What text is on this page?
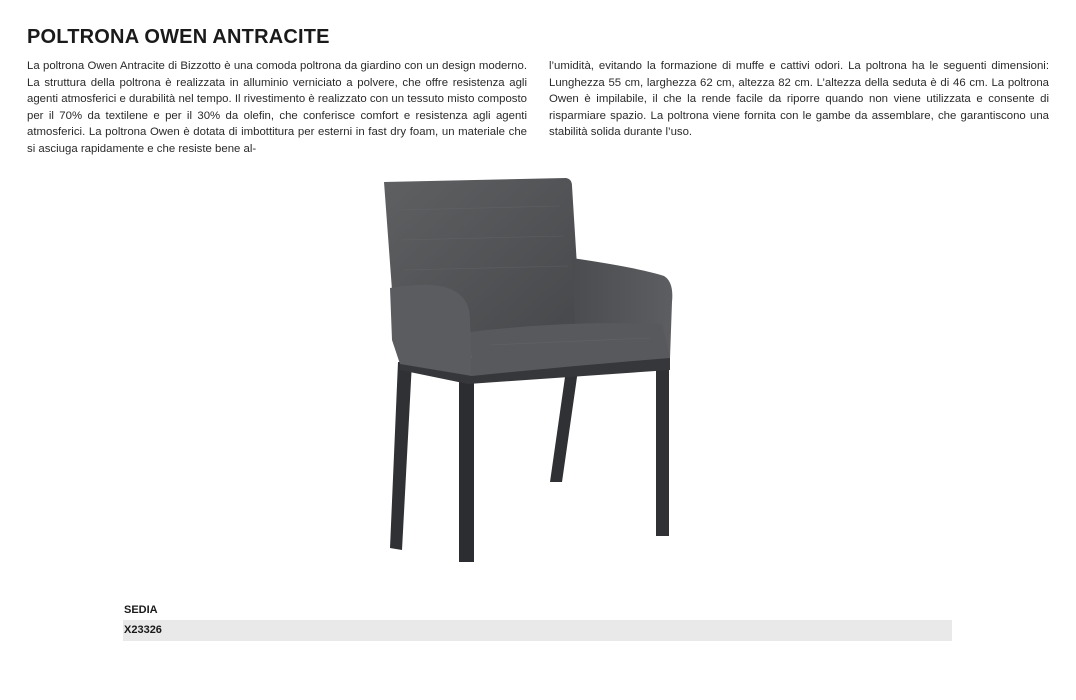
POLTRONA OWEN ANTRACITE
La poltrona Owen Antracite di Bizzotto è una comoda poltrona da giardino con un design moderno. La struttura della poltrona è realizzata in alluminio verniciato a polvere, che offre resistenza agli agenti atmosferici e durabilità nel tempo. Il rivestimento è realizzato con un tessuto misto composto per il 70% da textilene e per il 30% da olefin, che conferisce comfort e resistenza agli agenti atmosferici. La poltrona Owen è dotata di imbottitura per esterni in fast dry foam, un materiale che si asciuga rapidamente e che resiste bene al-
l’umidità, evitando la formazione di muffe e cattivi odori. La poltrona ha le seguenti dimensioni: Lunghezza 55 cm, larghezza 62 cm, altezza 82 cm. L’altezza della seduta è di 46 cm. La poltrona Owen è impilabile, il che la rende facile da riporre quando non viene utilizzata e consente di risparmiare spazio. La poltrona viene fornita con le gambe da assemblare, che garantiscono una stabilità solida durante l’uso.
SEDIA
X23326
